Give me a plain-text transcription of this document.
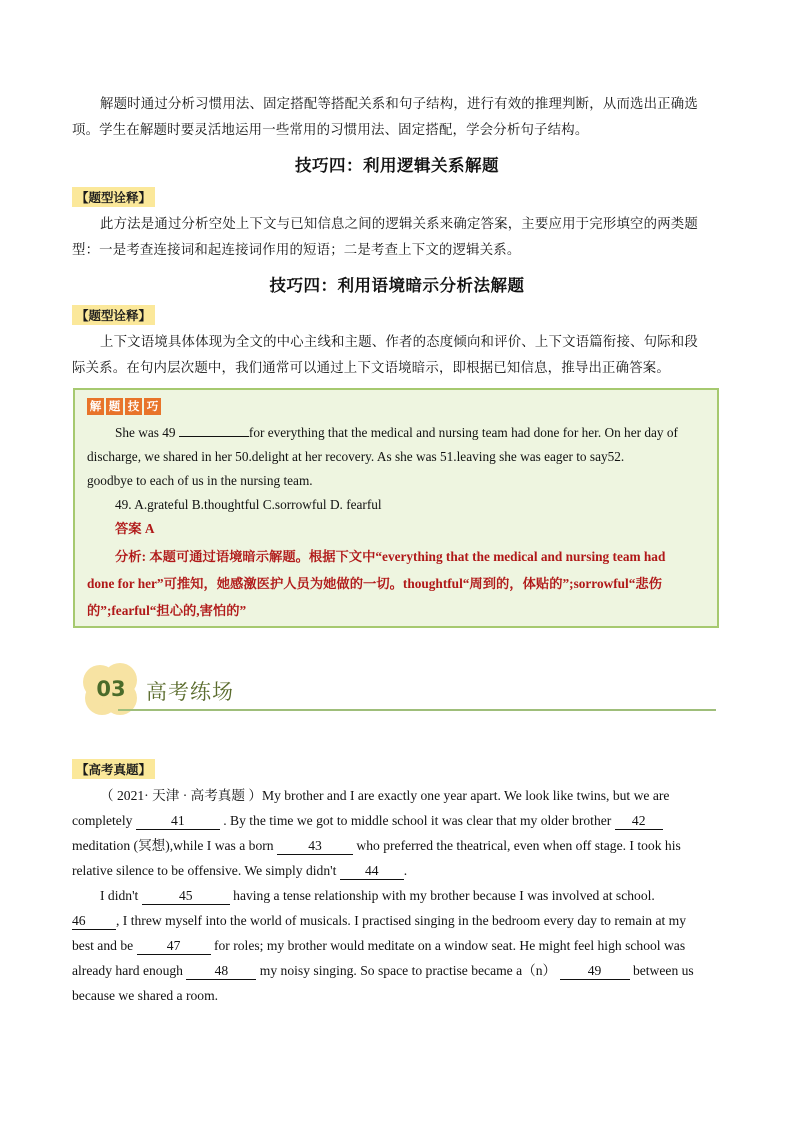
解题时通过分析习惯用法、固定搭配等搭配关系和句子结构，进行有效的推理判断，从而选出正确选
项。学生在解题时要灵活地运用一些常用的习惯用法、固定搭配，学会分析句子结构。
技巧四：利用逻辑关系解题
【题型诠释】
此方法是通过分析空处上下文与已知信息之间的逻辑关系来确定答案，主要应用于完形填空的两类题
型：一是考查连接词和起连接词作用的短语；二是考查上下文的逻辑关系。
技巧四：利用语境暗示分析法解题
【题型诠释】
上下文语境具体体现为全文的中心主线和主题、作者的态度倾向和评价、上下文语篇衔接、句际和段
际关系。在句内层次题中，我们通常可以通过上下文语境暗示，即根据已知信息，推导出正确答案。
解 题 技 巧
She was 49	for everything that the medical and nursing team had done for her. On her day of
discharge, we shared in her 50.delight at her recovery. As she was 51.leaving she was eager to say52.
goodbye to each of us in the nursing team.
49. A.grateful B.thoughtful C.sorrowful D. fearful
答案 A
分析: 本题可通过语境暗示解题。根据下文中“everything that the medical and nursing team had
done for her”可推知，她感激医护人员为她做的一切。thoughtful“周到的，体贴的”;sorrowful“悲伤
的”;fearful“担心的,害怕的”
03 高考练场
【高考真题】
（ 2021· 天津 · 高考真题 ）My brother and I are exactly one year apart. We look like twins, but we are
completely	41	. By the time we got to middle school it was clear that my older brother 42
meditation (冥想),while I was a born	43	who preferred the theatrical, even when off stage. I took his
relative silence to be offensive. We simply didn't 44 .
I didn't	45	having a tense relationship with my brother because I was involved at school.
46 , I threw myself into the world of musicals. I practised singing in the bedroom every day to remain at my
best and be 47 for roles; my brother would meditate on a window seat. He might feel high school was
already hard enough 48 my noisy singing. So space to practise became a（n） 49 between us
because we shared a room.
